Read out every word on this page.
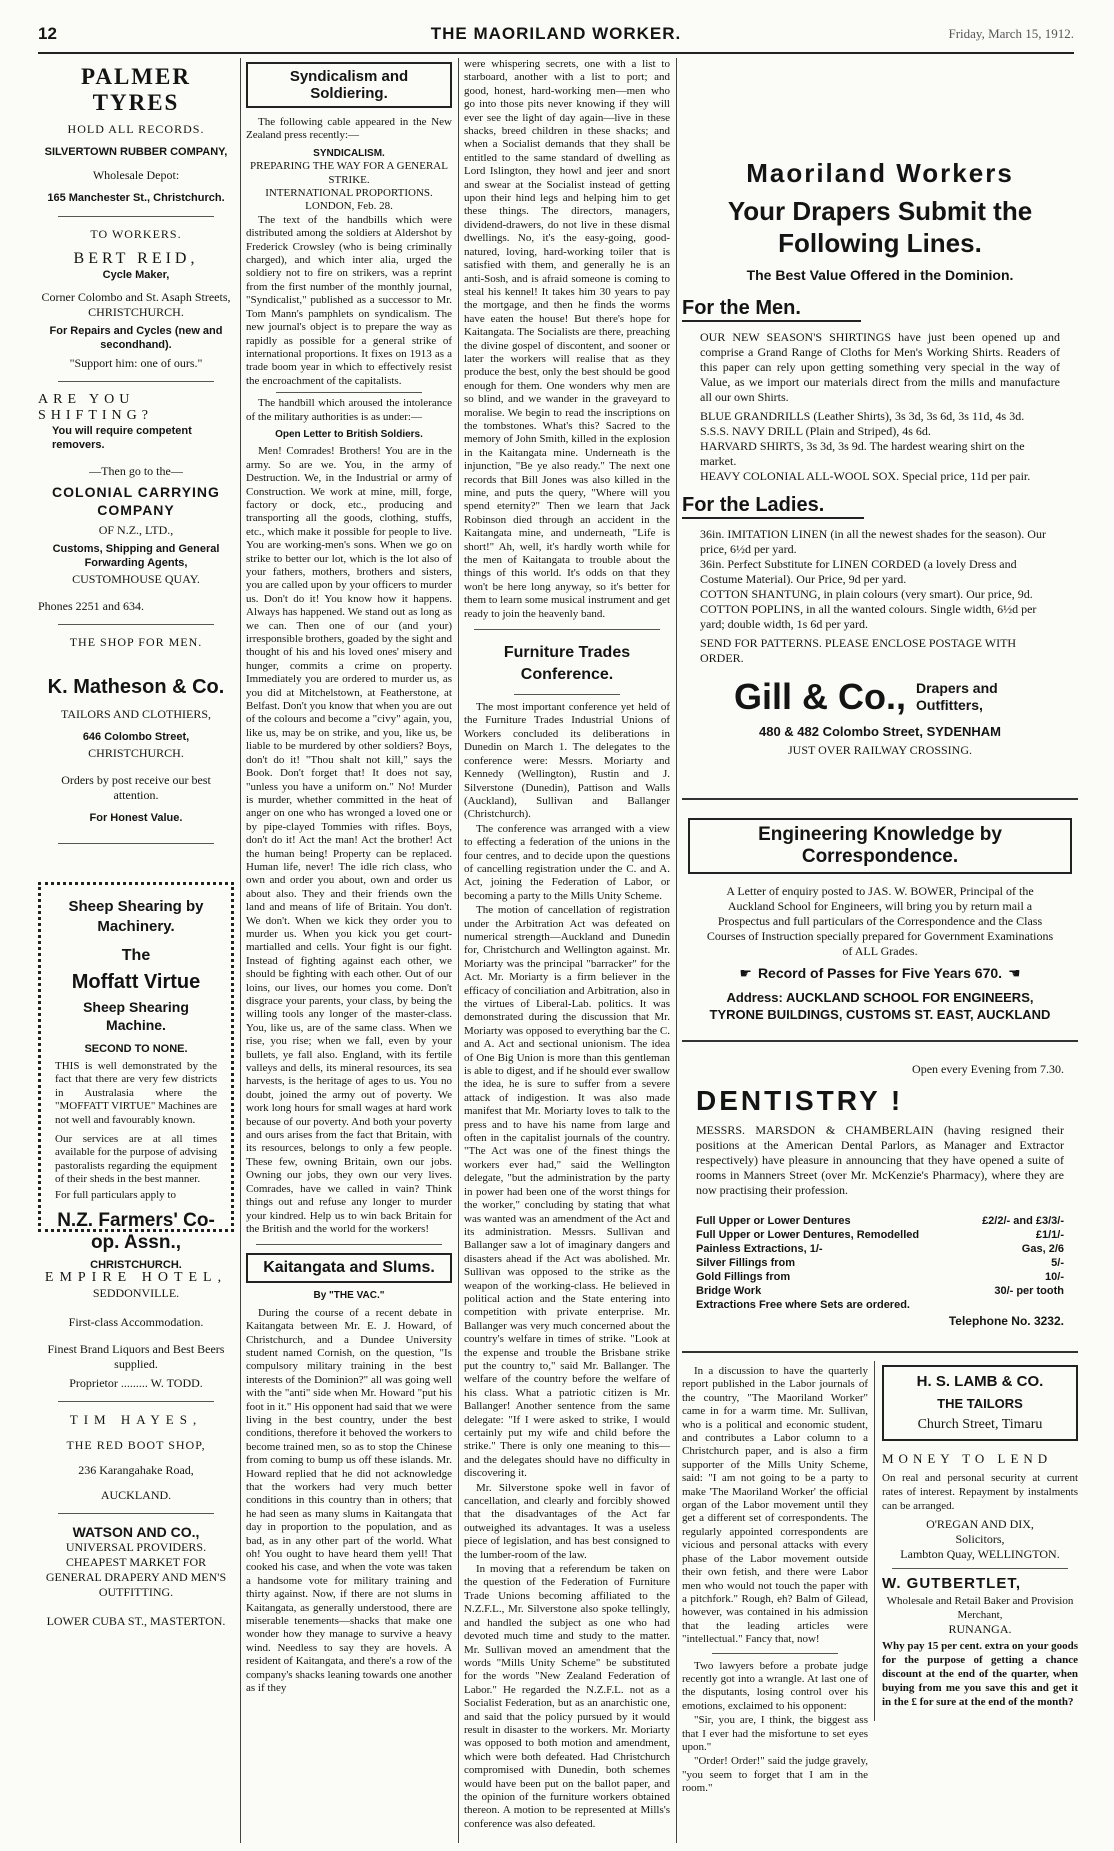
12	THE MAORILAND WORKER.	Friday, March 15, 1912.
PALMER TYRES
HOLD ALL RECORDS.
SILVERTOWN RUBBER COMPANY,
Wholesale Depot:
165 Manchester St., Christchurch.
TO WORKERS.
BERT REID,
Cycle Maker,
Corner Colombo and St. Asaph Streets, CHRISTCHURCH.
For Repairs and Cycles (new and secondhand).
"Support him: one of ours."
ARE YOU SHIFTING?
You will require competent removers.
—Then go to the—
COLONIAL CARRYING COMPANY
OF N.Z., LTD.,
Customs, Shipping and General Forwarding Agents,
CUSTOMHOUSE QUAY.
Phones 2251 and 634.
THE SHOP FOR MEN.
K. Matheson & Co.
TAILORS AND CLOTHIERS,
646 Colombo Street,
CHRISTCHURCH.
Orders by post receive our best attention.
For Honest Value.
Sheep Shearing by Machinery.
The
Moffatt Virtue
Sheep Shearing Machine.
SECOND TO NONE.
THIS is well demonstrated by the fact that there are very few districts in Australasia where the "MOFFATT VIRTUE" Machines are not well and favourably known.
Our services are at all times available for the purpose of advising pastoralists regarding the equipment of their sheds in the best manner.
For full particulars apply to
N.Z. Farmers' Co-op. Assn.,
CHRISTCHURCH.
EMPIRE HOTEL,
SEDDONVILLE.
First-class Accommodation.
Finest Brand Liquors and Best Beers supplied.
Proprietor ......... W. TODD.
TIM HAYES,
THE RED BOOT SHOP,
236 Karangahake Road,
AUCKLAND.
WATSON AND CO.,
UNIVERSAL PROVIDERS.
CHEAPEST MARKET FOR GENERAL DRAPERY AND MEN'S OUTFITTING.
LOWER CUBA ST., MASTERTON.
Syndicalism and Soldiering.

The following cable appeared in the New Zealand press recently:—

SYNDICALISM.
PREPARING THE WAY FOR A GENERAL STRIKE.
INTERNATIONAL PROPORTIONS.
LONDON, Feb. 28.

The text of the handbills which were distributed among the soldiers at Aldershot by Frederick Crowsley (who is being criminally charged), and which inter alia, urged the soldiery not to fire on strikers, was a reprint from the first number of the monthly journal, "Syndicalist," published as a successor to Mr. Tom Mann's pamphlets on syndicalism. The new journal's object is to prepare the way as rapidly as possible for a general strike of international proportions. It fixes on 1913 as a trade boom year in which to effectively resist the encroachment of the capitalists.

The handbill which aroused the intolerance of the military authorities is as under:—

Open Letter to British Soldiers.

Men! Comrades! Brothers! You are in the army. So are we. You, in the army of Destruction. We, in the Industrial or army of Construction. We work at mine, mill, forge, factory or dock, etc., producing and transporting all the goods, clothing, stuffs, etc., which make it possible for people to live. You are working-men's sons. When we go on strike to better our lot, which is the lot also of your fathers, mothers, brothers and sisters, you are called upon by your officers to murder us. Don't do it! You know how it happens. Always has happened. We stand out as long as we can. Then one of our (and your) irresponsible brothers, goaded by the sight and thought of his and his loved ones' misery and hunger, commits a crime on property. Immediately you are ordered to murder us, as you did at Mitchelstown, at Featherstone, at Belfast. Don't you know that when you are out of the colours and become a "civy" again, you, like us, may be on strike, and you, like us, be liable to be murdered by other soldiers? Boys, don't do it! "Thou shalt not kill," says the Book. Don't forget that! It does not say, "unless you have a uniform on." No! Murder is murder, whether committed in the heat of anger on one who has wronged a loved one or by pipe-clayed Tommies with rifles. Boys, don't do it! Act the man! Act the brother! Act the human being! Property can be replaced. Human life, never! The idle rich class, who own and order you about, own and order us about also. They and their friends own the land and means of life of Britain. You don't. We don't. When we kick they order you to murder us. When you kick you get court-martialled and cells. Your fight is our fight. Instead of fighting against each other, we should be fighting with each other. Out of our loins, our lives, our homes you come. Don't disgrace your parents, your class, by being the willing tools any longer of the master-class. You, like us, are of the same class. When we rise, you rise; when we fall, even by your bullets, ye fall also. England, with its fertile valleys and dells, its mineral resources, its sea harvests, is the heritage of ages to us. You no doubt, joined the army out of poverty. We work long hours for small wages at hard work because of our poverty. And both your poverty and ours arises from the fact that Britain, with its resources, belongs to only a few people. These few, owning Britain, own our jobs. Owning our jobs, they own our very lives. Comrades, have we called in vain? Think things out and refuse any longer to murder your kindred. Help us to win back Britain for the British and the world for the workers!

Kaitangata and Slums.
By "THE VAC."

During the course of a recent debate in Kaitangata between Mr. E. J. Howard, of Christchurch, and a Dundee University student named Cornish, on the question, "Is compulsory military training in the best interests of the Dominion?" all was going well with the "anti" side when Mr. Howard "put his foot in it." His opponent had said that we were living in the best country, under the best conditions, therefore it behoved the workers to become trained men, so as to stop the Chinese from coming to bump us off these islands. Mr. Howard replied that he did not acknowledge that the workers had very much better conditions in this country than in others; that he had seen as many slums in Kaitangata that day in proportion to the population, and as bad, as in any other part of the world. What oh! You ought to have heard them yell! That cooked his case, and when the vote was taken a handsome vote for military training and thirty against. Now, if there are not slums in Kaitangata, as generally understood, there are miserable tenements—shacks that make one wonder how they manage to survive a heavy wind. Needless to say they are hovels. A resident of Kaitangata, and there's a row of the company's shacks leaning towards one another as if they

were whispering secrets, one with a list to starboard, another with a list to port; and good, honest, hard-working men—men who go into those pits never knowing if they will ever see the light of day again—live in these shacks, breed children in these shacks; and when a Socialist demands that they shall be entitled to the same standard of dwelling as Lord Islington, they howl and jeer and snort and swear at the Socialist instead of getting upon their hind legs and helping him to get these things. The directors, managers, dividend-drawers, do not live in these dismal dwellings. No, it's the easy-going, good-natured, loving, hard-working toiler that is satisfied with them, and generally he is an anti-Sosh, and is afraid someone is coming to steal his kennel! It takes him 30 years to pay the mortgage, and then he finds the worms have eaten the house! But there's hope for Kaitangata. The Socialists are there, preaching the divine gospel of discontent, and sooner or later the workers will realise that as they produce the best, only the best should be good enough for them. One wonders why men are so blind, and we wander in the graveyard to moralise. We begin to read the inscriptions on the tombstones. What's this? Sacred to the memory of John Smith, killed in the explosion in the Kaitangata mine. Underneath is the injunction, "Be ye also ready." The next one records that Bill Jones was also killed in the mine, and puts the query, "Where will you spend eternity?" Then we learn that Jack Robinson died through an accident in the Kaitangata mine, and underneath, "Life is short!" Ah, well, it's hardly worth while for the men of Kaitangata to trouble about the things of this world. It's odds on that they won't be here long anyway, so it's better for them to learn some musical instrument and get ready to join the heavenly band.

Furniture Trades Conference.

The most important conference yet held of the Furniture Trades Industrial Unions of Workers concluded its deliberations in Dunedin on March 1. The delegates to the conference were: Messrs. Moriarty and Kennedy (Wellington), Rustin and J. Silverstone (Dunedin), Pattison and Walls (Auckland), Sullivan and Ballanger (Christchurch).

The conference was arranged with a view to effecting a federation of the unions in the four centres, and to decide upon the questions of cancelling registration under the C. and A. Act, joining the Federation of Labor, or becoming a party to the Mills Unity Scheme.

The motion of cancellation of registration under the Arbitration Act was defeated on numerical strength—Auckland and Dunedin for, Christchurch and Wellington against. Mr. Moriarty was the principal "barracker" for the Act. Mr. Moriarty is a firm believer in the efficacy of conciliation and Arbitration, also in the virtues of Liberal-Lab. politics. It was demonstrated during the discussion that Mr. Moriarty was opposed to everything bar the C. and A. Act and sectional unionism. The idea of One Big Union is more than this gentleman is able to digest, and if he should ever swallow the idea, he is sure to suffer from a severe attack of indigestion. It was also made manifest that Mr. Moriarty loves to talk to the press and to have his name from large and often in the capitalist journals of the country. "The Act was one of the finest things the workers ever had," said the Wellington delegate, "but the administration by the party in power had been one of the worst things for the worker," concluding by stating that what was wanted was an amendment of the Act and its administration. Messrs. Sullivan and Ballanger saw a lot of imaginary dangers and disasters ahead if the Act was abolished. Mr. Sullivan was opposed to the strike as the weapon of the working-class. He believed in political action and the State entering into competition with private enterprise. Mr. Ballanger was very much concerned about the country's welfare in times of strike. "Look at the expense and trouble the Brisbane strike put the country to," said Mr. Ballanger. The welfare of the country before the welfare of his class. What a patriotic citizen is Mr. Ballanger! Another sentence from the same delegate: "If I were asked to strike, I would certainly put my wife and child before the strike." There is only one meaning to this—and the delegates should have no difficulty in discovering it.

Mr. Silverstone spoke well in favor of cancellation, and clearly and forcibly showed that the disadvantages of the Act far outweighed its advantages. It was a useless piece of legislation, and has best consigned to the lumber-room of the law.

In moving that a referendum be taken on the question of the Federation of Furniture Trade Unions becoming affiliated to the N.Z.F.L., Mr. Silverstone also spoke tellingly, and handled the subject as one who had devoted much time and study to the matter. Mr. Sullivan moved an amendment that the words "Mills Unity Scheme" be substituted for the words "New Zealand Federation of Labor." He regarded the N.Z.F.L. not as a Socialist Federation, but as an anarchistic one, and said that the policy pursued by it would result in disaster to the workers. Mr. Moriarty was opposed to both motion and amendment, which were both defeated. Had Christchurch compromised with Dunedin, both schemes would have been put on the ballot paper, and the opinion of the furniture workers obtained thereon. A motion to be represented at Mills's conference was also defeated.

Maoriland Workers
Your Drapers Submit the Following Lines.
The Best Value Offered in the Dominion.
For the Men.
OUR NEW SEASON'S SHIRTINGS have just been opened up and comprise a Grand Range of Cloths for Men's Working Shirts. Readers of this paper can rely upon getting something very special in the way of Value, as we import our materials direct from the mills and manufacture all our own Shirts.
BLUE GRANDRILLS (Leather Shirts), 3s 3d, 3s 6d, 3s 11d, 4s 3d.
S.S.S. NAVY DRILL (Plain and Striped), 4s 6d.
HARVARD SHIRTS, 3s 3d, 3s 9d. The hardest wearing shirt on the market.
HEAVY COLONIAL ALL-WOOL SOX. Special price, 11d per pair.
For the Ladies.
36in. IMITATION LINEN (in all the newest shades for the season). Our price, 6½d per yard.
36in. Perfect Substitute for LINEN CORDED (a lovely Dress and Costume Material). Our Price, 9d per yard.
COTTON SHANTUNG, in plain colours (very smart). Our price, 9d.
COTTON POPLINS, in all the wanted colours. Single width, 6½d per yard; double width, 1s 6d per yard.
SEND FOR PATTERNS. PLEASE ENCLOSE POSTAGE WITH ORDER.
Gill & Co., Drapers and Outfitters,
480 & 482 Colombo Street, SYDENHAM
JUST OVER RAILWAY CROSSING.
Engineering Knowledge by Correspondence.
A Letter of enquiry posted to JAS. W. BOWER, Principal of the Auckland School for Engineers, will bring you by return mail a Prospectus and full particulars of the Correspondence and the Class Courses of Instruction specially prepared for Government Examinations of ALL Grades.
☛ Record of Passes for Five Years 670. ☚
Address: AUCKLAND SCHOOL FOR ENGINEERS,
TYRONE BUILDINGS, CUSTOMS ST. EAST, AUCKLAND
Open every Evening from 7.30.
DENTISTRY !
MESSRS. MARSDON & CHAMBERLAIN (having resigned their positions at the American Dental Parlors, as Manager and Extractor respectively) have pleasure in announcing that they have opened a suite of rooms in Manners Street (over Mr. McKenzie's Pharmacy), where they are now practising their profession.
Full Upper or Lower Dentures	£2/2/- and £3/3/-
Full Upper or Lower Dentures, Remodelled	£1/1/-
Painless Extractions, 1/-	Gas, 2/6
Silver Fillings from	5/-
Gold Fillings from	10/-
Bridge Work	30/- per tooth
Extractions Free where Sets are ordered.
Telephone No. 3232.

In a discussion to have the quarterly report published in the Labor journals of the country, "The Maoriland Worker" came in for a warm time. Mr. Sullivan, who is a political and economic student, and contributes a Labor column to a Christchurch paper, and is also a firm supporter of the Mills Unity Scheme, said: "I am not going to be a party to make 'The Maoriland Worker' the official organ of the Labor movement until they get a different set of correspondents. The regularly appointed correspondents are vicious and personal attacks with every phase of the Labor movement outside their own fetish, and there were Labor men who would not touch the paper with a pitchfork." Rough, eh? Balm of Gilead, however, was contained in his admission that the leading articles were "intellectual." Fancy that, now!

Two lawyers before a probate judge recently got into a wrangle. At last one of the disputants, losing control over his emotions, exclaimed to his opponent:

"Sir, you are, I think, the biggest ass that I ever had the misfortune to set eyes upon."

"Order! Order!" said the judge gravely, "you seem to forget that I am in the room."

H. S. LAMB & CO.
THE TAILORS
Church Street, Timaru
MONEY TO LEND
On real and personal security at current rates of interest. Repayment by instalments can be arranged.
O'REGAN AND DIX,
Solicitors,
Lambton Quay, WELLINGTON.
W. GUTBERTLET,
Wholesale and Retail Baker and Provision Merchant,
RUNANGA.
Why pay 15 per cent. extra on your goods for the purpose of getting a chance discount at the end of the quarter, when buying from me you save this and get it in the £ for sure at the end of the month?
